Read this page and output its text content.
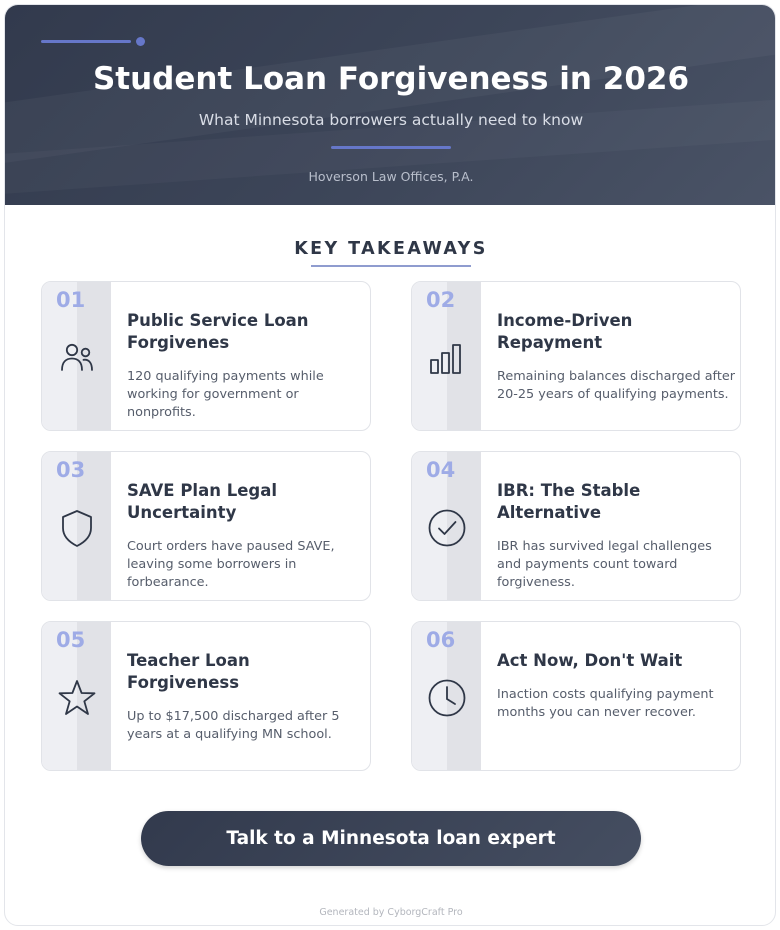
Student Loan Forgiveness in 2026
What Minnesota borrowers actually need to know
Hoverson Law Offices, P.A.
KEY TAKEAWAYS
01
Public Service Loan Forgivenes
120 qualifying payments while working for government or nonprofits.
02
Income-Driven Repayment
Remaining balances discharged after 20-25 years of qualifying payments.
03
SAVE Plan Legal Uncertainty
Court orders have paused SAVE, leaving some borrowers in forbearance.
04
IBR: The Stable Alternative
IBR has survived legal challenges and payments count toward forgiveness.
05
Teacher Loan Forgiveness
Up to $17,500 discharged after 5 years at a qualifying MN school.
06
Act Now, Don't Wait
Inaction costs qualifying payment months you can never recover.
Talk to a Minnesota loan expert
Generated by CyborgCraft Pro
